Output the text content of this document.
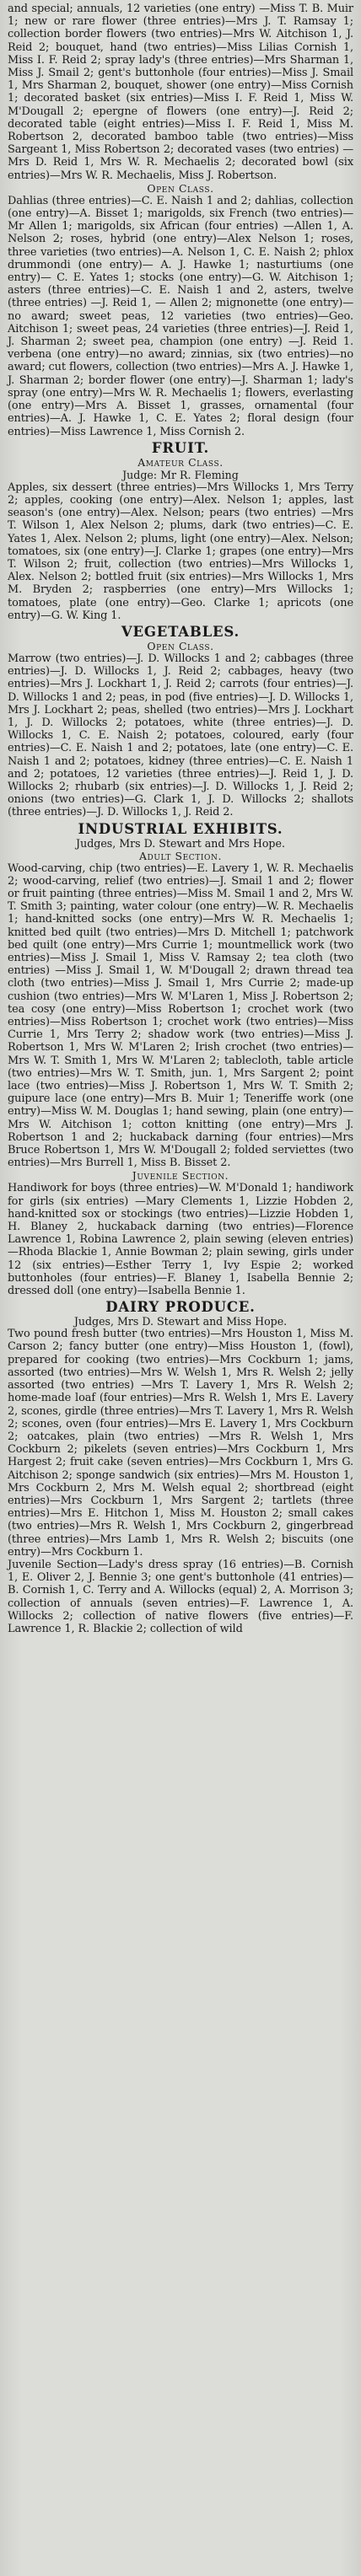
and special; annuals, 12 varieties (one entry) —Miss T. B. Muir 1; new or rare flower (three entries)—Mrs J. T. Ramsay 1; collection border flowers (two entries)—Mrs W. Aitchison 1, J. Reid 2; bouquet, hand (two entries)—Miss Lilias Cornish 1, Miss I. F. Reid 2; spray lady's (three entries)—Mrs Sharman 1, Miss J. Smail 2; gent's buttonhole (four entries)—Miss J. Smail 1, Mrs Sharman 2, bouquet, shower (one entry)—Miss Cornish 1; decorated basket (six entries)—Miss I. F. Reid 1, Miss W. M'Dougall 2; epergne of flowers (one entry)—J. Reid 2; decorated table (eight entries)—Miss I. F. Reid 1, Miss M. Robertson 2, decorated bamboo table (two entries)—Miss Sargeant 1, Miss Robertson 2; decorated vases (two entries) —Mrs D. Reid 1, Mrs W. R. Mechaelis 2; decorated bowl (six entries)—Mrs W. R. Mechaelis, Miss J. Robertson.

Open Class.

Dahlias (three entries)—C. E. Naish 1 and 2; dahlias, collection (one entry)—A. Bisset 1; marigolds, six French (two entries)—Mr Allen 1; marigolds, six African (four entries) —Allen 1, A. Nelson 2; roses, hybrid (one entry)—Alex Nelson 1; roses, three varieties (two entries)—A. Nelson 1, C. E. Naish 2; phlox drummondi (one entry)— A. J. Hawke 1; nasturtiums (one entry)— C. E. Yates 1; stocks (one entry)—G. W. Aitchison 1; asters (three entries)—C. E. Naish 1 and 2, asters, twelve (three entries) —J. Reid 1, — Allen 2; mignonette (one entry)—no award; sweet peas, 12 varieties (two entries)—Geo. Aitchison 1; sweet peas, 24 varieties (three entries)—J. Reid 1, J. Sharman 2; sweet pea, champion (one entry) —J. Reid 1. verbena (one entry)—no award; zinnias, six (two entries)—no award; cut flowers, collection (two entries)—Mrs A. J. Hawke 1, J. Sharman 2; border flower (one entry)—J. Sharman 1; lady's spray (one entry)—Mrs W. R. Mechaelis 1; flowers, everlasting (one entry)—Mrs A. Bisset 1, grasses, ornamental (four entries)—A. J. Hawke 1, C. E. Yates 2; floral design (four entries)—Miss Lawrence 1, Miss Cornish 2.

FRUIT.
Amateur Class.
Judge: Mr R. Fleming

Apples, six dessert (three entries)—Mrs Willocks 1, Mrs Terry 2; apples, cooking (one entry)—Alex. Nelson 1; apples, last season's (one entry)—Alex. Nelson; pears (two entries) —Mrs T. Wilson 1, Alex Nelson 2; plums, dark (two entries)—C. E. Yates 1, Alex. Nelson 2; plums, light (one entry)—Alex. Nelson; tomatoes, six (one entry)—J. Clarke 1; grapes (one entry)—Mrs T. Wilson 2; fruit, collection (two entries)—Mrs Willocks 1, Alex. Nelson 2; bottled fruit (six entries)—Mrs Willocks 1, Mrs M. Bryden 2; raspberries (one entry)—Mrs Willocks 1; tomatoes, plate (one entry)—Geo. Clarke 1; apricots (one entry)—G. W. King 1.

VEGETABLES.
Open Class.

Marrow (two entries)—J. D. Willocks 1 and 2; cabbages (three entries)—J. D. Willocks 1, J. Reid 2; cabbages, heavy (two entries)—Mrs J. Lockhart 1, J. Reid 2; carrots (four entries)—J. D. Willocks 1 and 2; peas, in pod (five entries)—J. D. Willocks 1, Mrs J. Lockhart 2; peas, shelled (two entries)—Mrs J. Lockhart 1, J. D. Willocks 2; potatoes, white (three entries)—J. D. Willocks 1, C. E. Naish 2; potatoes, coloured, early (four entries)—C. E. Naish 1 and 2; potatoes, late (one entry)—C. E. Naish 1 and 2; potatoes, kidney (three entries)—C. E. Naish 1 and 2; potatoes, 12 varieties (three entries)—J. Reid 1, J. D. Willocks 2; rhubarb (six entries)—J. D. Willocks 1, J. Reid 2; onions (two entries)—G. Clark 1, J. D. Willocks 2; shallots (three entries)—J. D. Willocks 1, J. Reid 2.

INDUSTRIAL EXHIBITS.
Judges, Mrs D. Stewart and Mrs Hope.
Adult Section.

Wood-carving, chip (two entries)—E. Lavery 1, W. R. Mechaelis 2; wood-carving, relief (two entries)—J. Smail 1 and 2; flower or fruit painting (three entries)—Miss M. Smail 1 and 2, Mrs W. T. Smith 3; painting, water colour (one entry)—W. R. Mechaelis 1; hand-knitted socks (one entry)—Mrs W. R. Mechaelis 1; knitted bed quilt (two entries)—Mrs D. Mitchell 1; patchwork bed quilt (one entry)—Mrs Currie 1; mountmellick work (two entries)—Miss J. Smail 1, Miss V. Ramsay 2; tea cloth (two entries) —Miss J. Smail 1, W. M'Dougall 2; drawn thread tea cloth (two entries)—Miss J. Smail 1, Mrs Currie 2; made-up cushion (two entries)—Mrs W. M'Laren 1, Miss J. Robertson 2; tea cosy (one entry)—Miss Robertson 1; crochet work (two entries)—Miss Robertson 1; crochet work (two entries)—Miss Currie 1, Mrs Terry 2; shadow work (two entries)—Miss J. Robertson 1, Mrs W. M'Laren 2; Irish crochet (two entries)—Mrs W. T. Smith 1, Mrs W. M'Laren 2; tablecloth, table article (two entries)—Mrs W. T. Smith, jun. 1, Mrs Sargent 2; point lace (two entries)—Miss J. Robertson 1, Mrs W. T. Smith 2; guipure lace (one entry)—Mrs B. Muir 1; Teneriffe work (one entry)—Miss W. M. Douglas 1; hand sewing, plain (one entry)—Mrs W. Aitchison 1; cotton knitting (one entry)—Mrs J. Robertson 1 and 2; huckaback darning (four entries)—Mrs Bruce Robertson 1, Mrs W. M'Dougall 2; folded serviettes (two entries)—Mrs Burrell 1, Miss B. Bisset 2.

Juvenile Section.

Handiwork for boys (three entries)—W. M'Donald 1; handiwork for girls (six entries) —Mary Clements 1, Lizzie Hobden 2, hand-knitted sox or stockings (two entries)—Lizzie Hobden 1, H. Blaney 2, huckaback darning (two entries)—Florence Lawrence 1, Robina Lawrence 2, plain sewing (eleven entries)—Rhoda Blackie 1, Annie Bowman 2; plain sewing, girls under 12 (six entries)—Esther Terry 1, Ivy Espie 2; worked buttonholes (four entries)—F. Blaney 1, Isabella Bennie 2; dressed doll (one entry)—Isabella Bennie 1.

DAIRY PRODUCE.
Judges, Mrs D. Stewart and Miss Hope.

Two pound fresh butter (two entries)—Mrs Houston 1, Miss M. Carson 2; fancy butter (one entry)—Miss Houston 1, (fowl), prepared for cooking (two entries)—Mrs Cockburn 1; jams, assorted (two entries)—Mrs W. Welsh 1, Mrs R. Welsh 2; jelly assorted (two entries) —Mrs T. Lavery 1, Mrs R. Welsh 2; home-made loaf (four entries)—Mrs R. Welsh 1, Mrs E. Lavery 2, scones, girdle (three entries)—Mrs T. Lavery 1, Mrs R. Welsh 2; scones, oven (four entries)—Mrs E. Lavery 1, Mrs Cockburn 2; oatcakes, plain (two entries) —Mrs R. Welsh 1, Mrs Cockburn 2; pikelets (seven entries)—Mrs Cockburn 1, Mrs Hargest 2; fruit cake (seven entries)—Mrs Cockburn 1, Mrs G. Aitchison 2; sponge sandwich (six entries)—Mrs M. Houston 1, Mrs Cockburn 2, Mrs M. Welsh equal 2; shortbread (eight entries)—Mrs Cockburn 1, Mrs Sargent 2; tartlets (three entries)—Mrs E. Hitchon 1, Miss M. Houston 2; small cakes (two entries)—Mrs R. Welsh 1, Mrs Cockburn 2, gingerbread (three entries)—Mrs Lamb 1, Mrs R. Welsh 2; biscuits (one entry)—Mrs Cockburn 1.

Juvenile Section—Lady's dress spray (16 entries)—B. Cornish 1, E. Oliver 2, J. Bennie 3; one gent's buttonhole (41 entries)—B. Cornish 1, C. Terry and A. Willocks (equal) 2, A. Morrison 3; collection of annuals (seven entries)—F. Lawrence 1, A. Willocks 2; collection of native flowers (five entries)—F. Lawrence 1, R. Blackie 2; collection of wild
